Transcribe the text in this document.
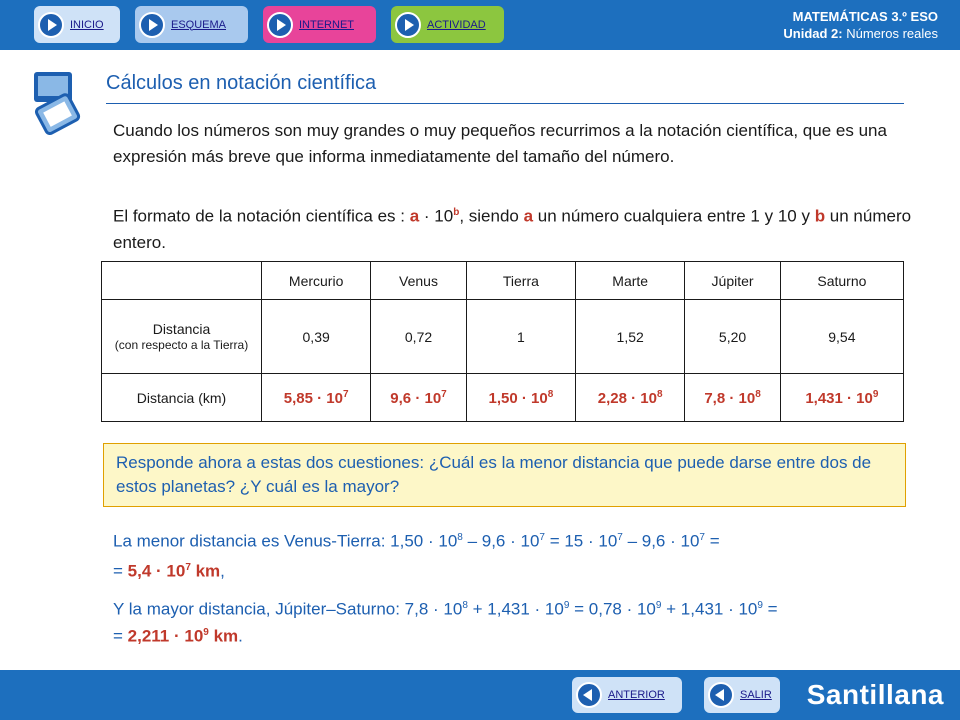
INICIO	ESQUEMA	INTERNET	ACTIVIDAD
MATEMÁTICAS 3.º ESO
Unidad 2: Números reales
Cálculos en notación científica
Cuando los números son muy grandes o muy pequeños recurrimos a la notación científica, que es una expresión más breve que informa inmediatamente del tamaño del número.
El formato de la notación científica es : $a \cdot 10^b$, siendo a un número cualquiera entre 1 y 10 y b un número entero.
	Mercurio	Venus	Tierra	Marte	Júpiter	Saturno

Distancia
(con respecto a la Tierra)	0,39	0,72	1	1,52	5,20	9,54
Distancia (km)	$5,85 \cdot 10^7$	$9,6 \cdot 10^7$	$1,50 \cdot 10^8$	$2,28 \cdot 10^8$	$7,8 \cdot 10^8$	$1,431 \cdot 10^9$
Responde ahora a estas dos cuestiones: ¿Cuál es la menor distancia que puede darse entre dos de estos planetas? ¿Y cuál es la mayor?
La menor distancia es Venus-Tierra: $1,50 \cdot 10^8 - 9,6 \cdot 10^7 = 15 \cdot 10^7 - 9,6 \cdot 10^7$ =
= $5,4 \cdot 10^7$ km,
Y la mayor distancia, Júpiter–Saturno: $7,8 \cdot 10^8 + 1,431 \cdot 10^9 = 0,78 \cdot 10^9 + 1,431 \cdot 10^9$ =
= $2,211 \cdot 10^9$ km.
ANTERIOR	SALIR Santillana
